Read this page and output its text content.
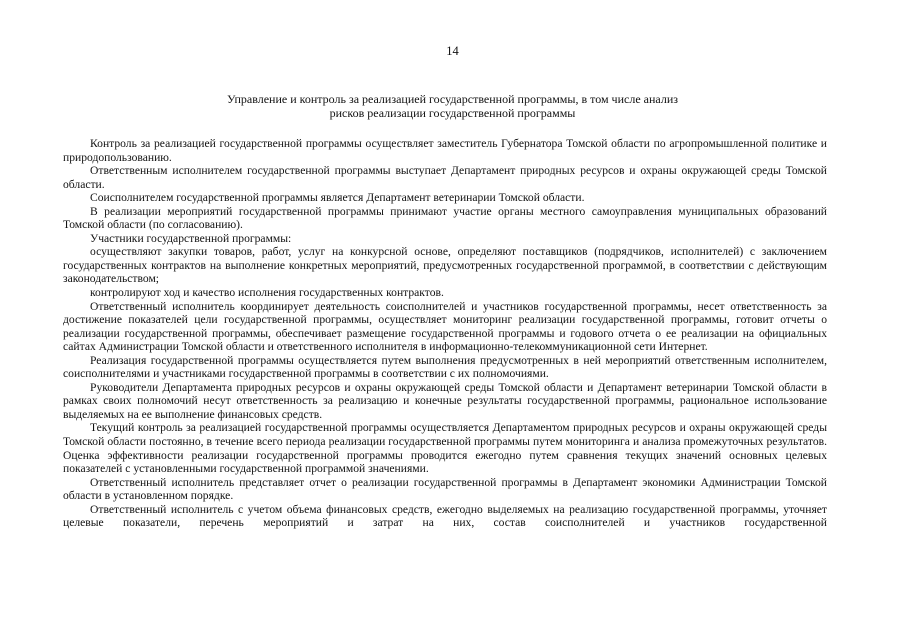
14
Управление и контроль за реализацией государственной программы, в том числе анализ
рисков реализации государственной программы

Контроль за реализацией государственной программы осуществляет заместитель Губернатора Томской области по агропромышленной политике и природопользованию.

Ответственным исполнителем государственной программы выступает Департамент природных ресурсов и охраны окружающей среды Томской области.

Соисполнителем государственной программы является Департамент ветеринарии Томской области.

В реализации мероприятий государственной программы принимают участие органы местного самоуправления муниципальных образований Томской области (по согласованию).

Участники государственной программы:

осуществляют закупки товаров, работ, услуг на конкурсной основе, определяют поставщиков (подрядчиков, исполнителей) с заключением государственных контрактов на выполнение конкретных мероприятий, предусмотренных государственной программой, в соответствии с действующим законодательством;

контролируют ход и качество исполнения государственных контрактов.

Ответственный исполнитель координирует деятельность соисполнителей и участников государственной программы, несет ответственность за достижение показателей цели государственной программы, осуществляет мониторинг реализации государственной программы, готовит отчеты о реализации государственной программы, обеспечивает размещение государственной программы и годового отчета о ее реализации на официальных сайтах Администрации Томской области и ответственного исполнителя в информационно-телекоммуникационной сети Интернет.

Реализация государственной программы осуществляется путем выполнения предусмотренных в ней мероприятий ответственным исполнителем, соисполнителями и участниками государственной программы в соответствии с их полномочиями.

Руководители Департамента природных ресурсов и охраны окружающей среды Томской области и Департамент ветеринарии Томской области в рамках своих полномочий несут ответственность за реализацию и конечные результаты государственной программы, рациональное использование выделяемых на ее выполнение финансовых средств.

Текущий контроль за реализацией государственной программы осуществляется Департаментом природных ресурсов и охраны окружающей среды Томской области постоянно, в течение всего периода реализации государственной программы путем мониторинга и анализа промежуточных результатов. Оценка эффективности реализации государственной программы проводится ежегодно путем сравнения текущих значений основных целевых показателей с установленными государственной программой значениями.

Ответственный исполнитель представляет отчет о реализации государственной программы в Департамент экономики Администрации Томской области в установленном порядке.

Ответственный исполнитель с учетом объема финансовых средств, ежегодно выделяемых на реализацию государственной программы, уточняет целевые показатели, перечень мероприятий и затрат на них, состав соисполнителей и участников государственной
